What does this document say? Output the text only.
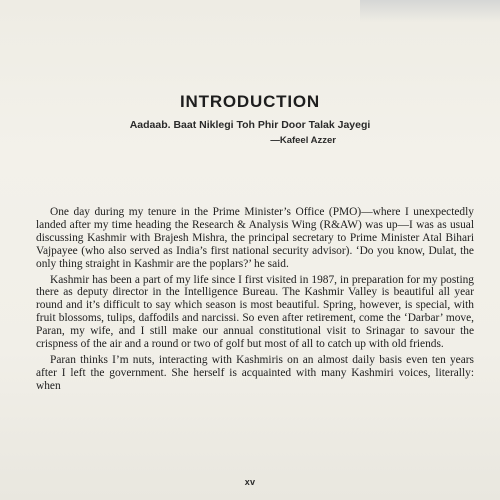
INTRODUCTION
Aadaab. Baat Niklegi Toh Phir Door Talak Jayegi
—Kafeel Azzer

One day during my tenure in the Prime Minister’s Office (PMO)—where I unexpectedly landed after my time heading the Research & Analysis Wing (R&AW) was up—I was as usual discussing Kashmir with Brajesh Mishra, the principal secretary to Prime Minister Atal Bihari Vajpayee (who also served as India’s first national security advisor). ‘Do you know, Dulat, the only thing straight in Kashmir are the poplars?’ he said.

Kashmir has been a part of my life since I first visited in 1987, in preparation for my posting there as deputy director in the Intelligence Bureau. The Kashmir Valley is beautiful all year round and it’s difficult to say which season is most beautiful. Spring, however, is special, with fruit blossoms, tulips, daffodils and narcissi. So even after retirement, come the ‘Darbar’ move, Paran, my wife, and I still make our annual constitutional visit to Srinagar to savour the crispness of the air and a round or two of golf but most of all to catch up with old friends.

Paran thinks I’m nuts, interacting with Kashmiris on an almost daily basis even ten years after I left the government. She herself is acquainted with many Kashmiri voices, literally: when

xv
